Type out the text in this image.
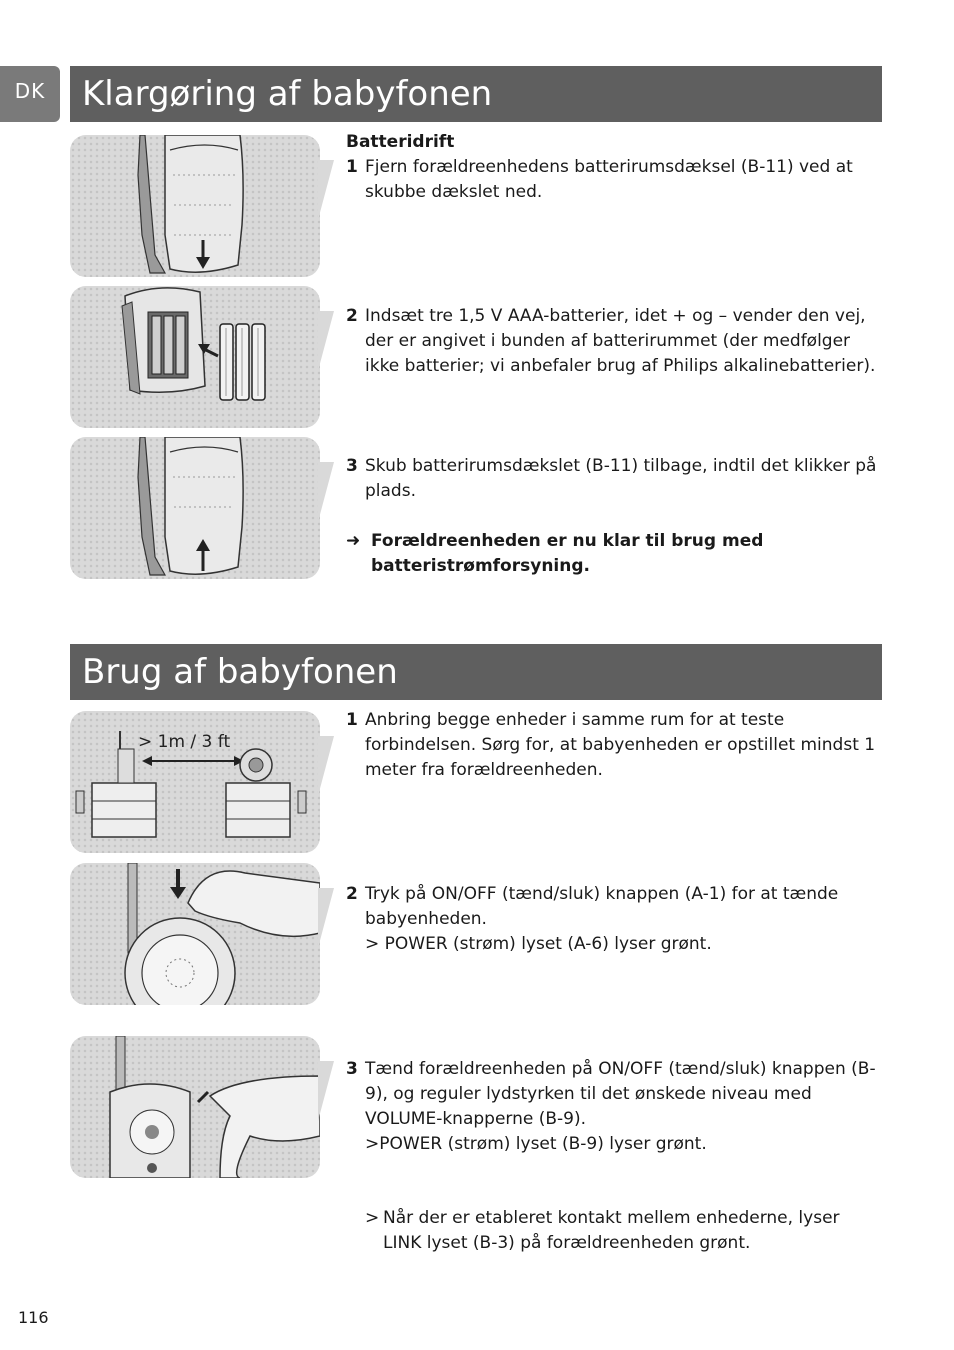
DK	Klargøring af babyfonen
Batteridrift
1 Fjern forældreenhedens batterirumsdæksel (B-11) ved at skubbe dækslet ned.
2 Indsæt tre 1,5 V AAA-batterier, idet + og – vender den vej, der er angivet i bunden af batterirummet (der medfølger ikke batterier; vi anbefaler brug af Philips alkalinebatterier).
3 Skub batterirumsdækslet (B-11) tilbage, indtil det klikker på plads.
➜ Forældreenheden er nu klar til brug med batteristrømforsyning.
Brug af babyfonen
> 1m / 3 ft
1 Anbring begge enheder i samme rum for at teste forbindelsen. Sørg for, at babyenheden er opstillet mindst 1 meter fra forældreenheden.
2 Tryk på ON/OFF (tænd/sluk) knappen (A-1) for at tænde babyenheden.
> POWER (strøm) lyset (A-6) lyser grønt.
3 Tænd forældreenheden på ON/OFF (tænd/sluk) knappen (B-9), og reguler lydstyrken til det ønskede niveau med VOLUME-knapperne (B-9).
>POWER (strøm) lyset (B-9) lyser grønt.
> Når der er etableret kontakt mellem enhederne, lyser LINK lyset (B-3) på forældreenheden grønt.
116
